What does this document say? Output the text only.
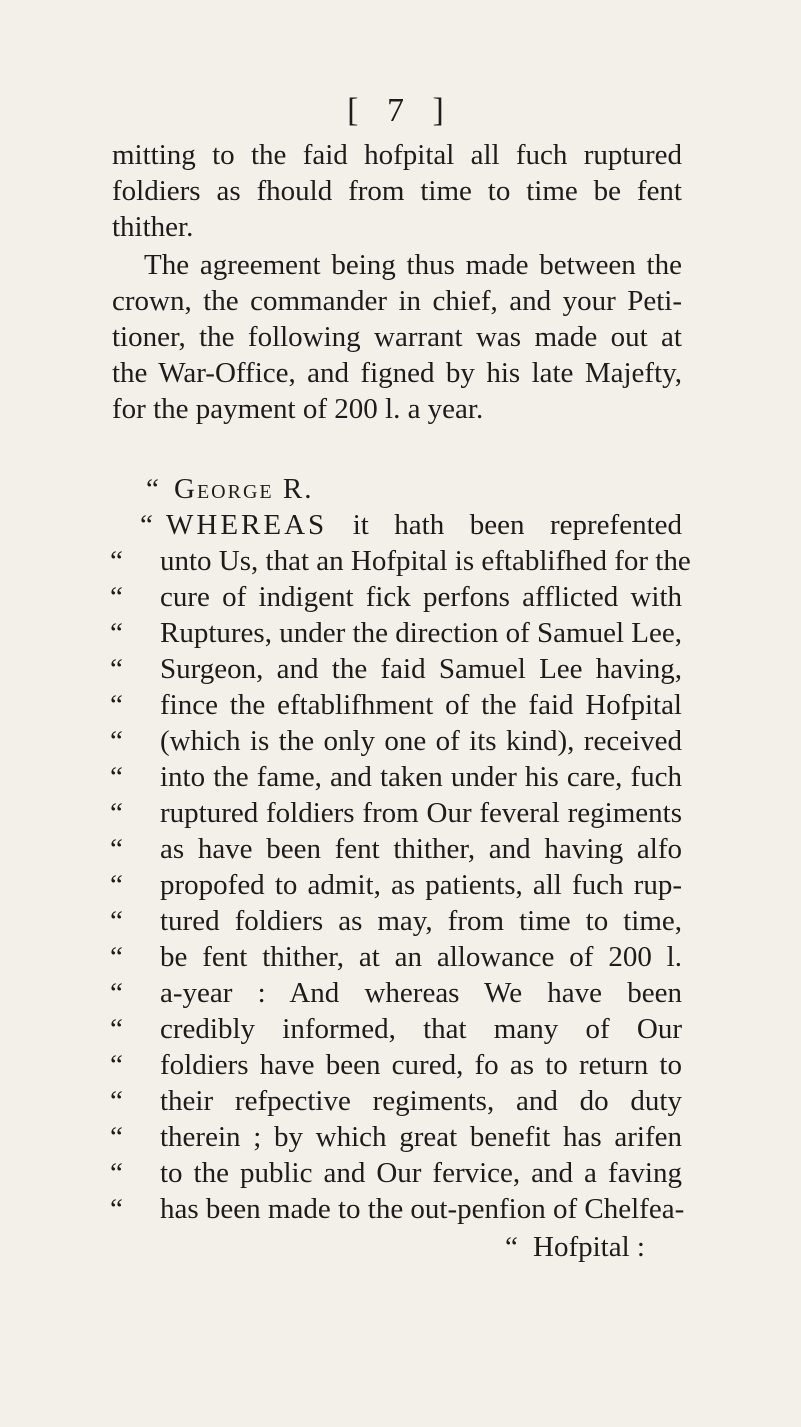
[ 7 ]
mitting to the faid hofpital all fuch ruptured
foldiers as fhould from time to time be fent
thither.
The agreement being thus made between the
crown, the commander in chief, and your Peti-
tioner, the following warrant was made out at
the War-Office, and figned by his late Majefty,
for the payment of 200 l. a year.
“ George R.
“ WHEREAS it hath been reprefented
“	unto Us, that an Hofpital is eftablifhed for the
“	cure of indigent fick perfons afflicted with
“	Ruptures, under the direction of Samuel Lee,
“	Surgeon, and the faid Samuel Lee having,
“	fince the eftablifhment of the faid Hofpital
“	(which is the only one of its kind), received
“	into the fame, and taken under his care, fuch
“	ruptured foldiers from Our feveral regiments
“	as have been fent thither, and having alfo
“	propofed to admit, as patients, all fuch rup-
“	tured foldiers as may, from time to time,
“	be fent thither, at an allowance of 200 l.
“	a-year : And whereas We have been
“	credibly informed, that many of Our
“	foldiers have been cured, fo as to return to
“	their refpective regiments, and do duty
“	therein ; by which great benefit has arifen
“	to the public and Our fervice, and a faving
“	has been made to the out-penfion of Chelfea-
“ Hofpital :
